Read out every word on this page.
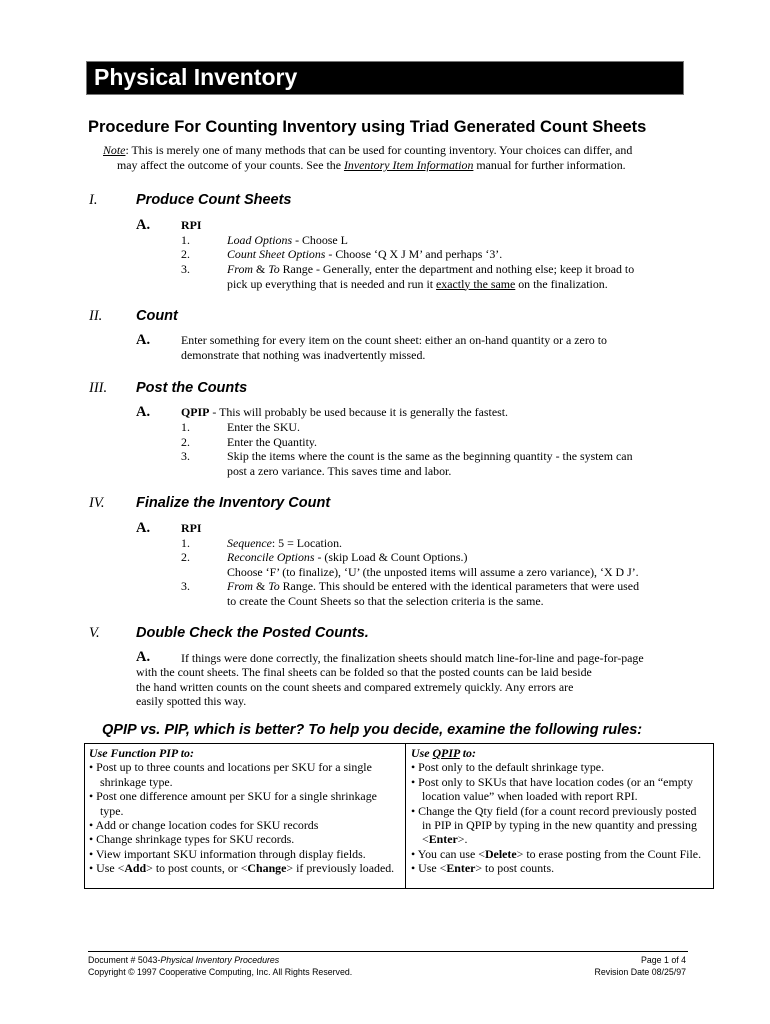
Physical Inventory
Procedure For Counting Inventory using Triad Generated Count Sheets
Note: This is merely one of many methods that can be used for counting inventory. Your choices can differ, and
may affect the outcome of your counts. See the Inventory Item Information manual for further information.
I.	Produce Count Sheets
A.	RPI
1.	Load Options - Choose L
2.	Count Sheet Options - Choose ‘Q X J M’ and perhaps ‘3’.
3.	From & To Range - Generally, enter the department and nothing else; keep it broad to
pick up everything that is needed and run it exactly the same on the finalization.
II. Count
A.	Enter something for every item on the count sheet: either an on-hand quantity or a zero to
demonstrate that nothing was inadvertently missed.
III. Post the Counts
A.	QPIP - This will probably be used because it is generally the fastest.
1.	Enter the SKU.
2.	Enter the Quantity.
3.	Skip the items where the count is the same as the beginning quantity - the system can
post a zero variance. This saves time and labor.
IV. Finalize the Inventory Count
A.	RPI
1.	Sequence: 5 = Location.
2.	Reconcile Options - (skip Load & Count Options.)
Choose ‘F’ (to finalize), ‘U’ (the unposted items will assume a zero variance), ‘X D J’.
3.	From & To Range. This should be entered with the identical parameters that were used
to create the Count Sheets so that the selection criteria is the same.
V.	Double Check the Posted Counts.
A.	If things were done correctly, the finalization sheets should match line-for-line and page-for-page
with the count sheets. The final sheets can be folded so that the posted counts can be laid beside
the hand written counts on the count sheets and compared extremely quickly. Any errors are
easily spotted this way.
QPIP vs. PIP, which is better? To help you decide, examine the following rules:
Use Function PIP to:
• Post up to three counts and locations per SKU for a single shrinkage type.
• Post one difference amount per SKU for a single shrinkage type.
• Add or change location codes for SKU records
• Change shrinkage types for SKU records.
• View important SKU information through display fields.
• Use <Add> to post counts, or <Change> if previously loaded.
Use QPIP to:
• Post only to the default shrinkage type.
• Post only to SKUs that have location codes (or an “empty location value” when loaded with report RPI.
• Change the Qty field (for a count record previously posted in PIP in QPIP by typing in the new quantity and pressing <Enter>.
• You can use <Delete> to erase posting from the Count File.
• Use <Enter> to post counts.
Document # 5043-Physical Inventory Procedures
Copyright © 1997 Cooperative Computing, Inc. All Rights Reserved.
Page 1 of 4
Revision Date 08/25/97
